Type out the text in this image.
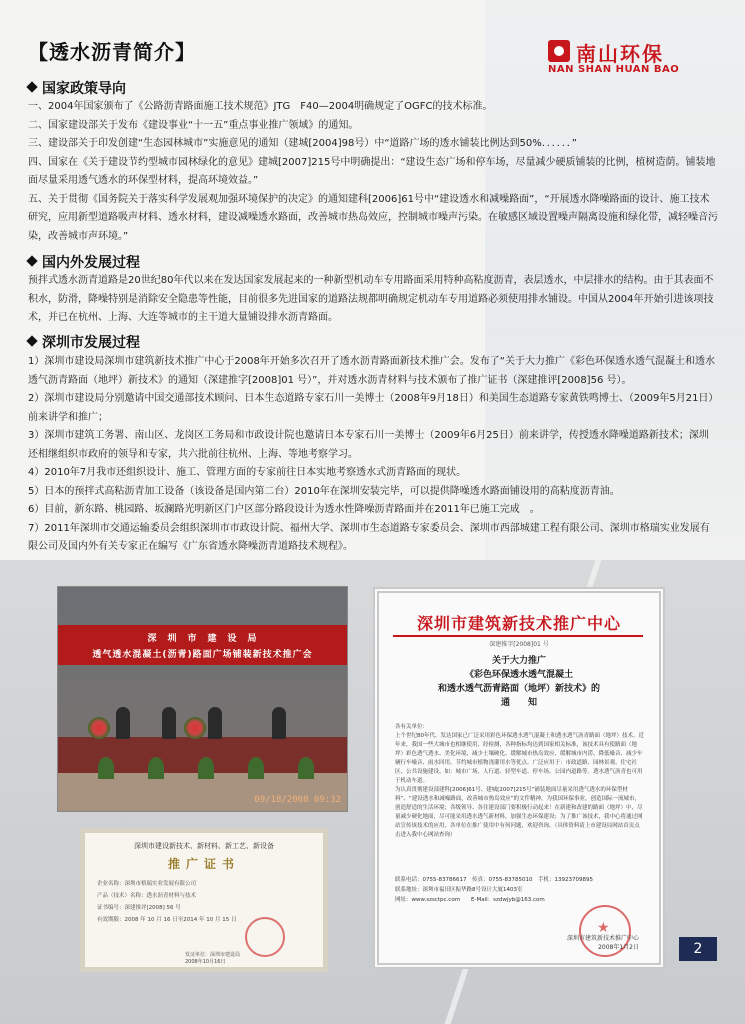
【透水沥青简介】	南山环保
NAN SHAN HUAN BAO
国家政策导向

一、2004年国家颁布了《公路沥青路面施工技术规范》JTG　F40—2004明确规定了OGFC的技术标准。

二、国家建设部关于发布《建设事业“十一五”重点事业推广领域》的通知。

三、建设部关于印发创建“生态园林城市”实施意见的通知（建城[2004]98号）中“道路广场的透水铺装比例达到50%．．．．．．”

四、国家在《关于建设节约型城市园林绿化的意见》建城[2007]215号中明确提出：“建设生态广场和停车场，尽量减少硬质铺装的比例，植树造荫。铺装地面尽量采用透气透水的环保型材料，提高环境效益。”

五、关于贯彻《国务院关于落实科学发展观加强环境保护的决定》的通知建科[2006]61号中“建设透水和减噪路面”，“开展透水降噪路面的设计、施工技术研究，应用新型道路吸声材料、透水材料，建设减噪透水路面，改善城市热岛效应，控制城市噪声污染。在敏感区域设置噪声隔离设施和绿化带，减轻噪音污染，改善城市声环境。”

国内外发展过程

预拌式透水沥青道路是20世纪80年代以来在发达国家发展起来的一种新型机动车专用路面采用特种高粘度沥青，表层透水，中层排水的结构。由于其表面不积水，防滑，降噪特别是消除安全隐患等性能，目前很多先进国家的道路法规都明确规定机动车专用道路必须使用排水铺设。中国从2004年开始引进该项技术，并已在杭州、上海、大连等城市的主干道大量铺设排水沥青路面。

深圳市发展过程

1）深圳市建设局深圳市建筑新技术推广中心于2008年开始多次召开了透水沥青路面新技术推广会。发布了“关于大力推广《彩色环保透水透气混凝土和透水透气沥青路面（地坪）新技术》的通知（深建推字[2008]01 号）”，并对透水沥青材料与技术颁布了推广证书（深建推评[2008]56 号）。

2）深圳市建设局分别邀请中国交通部技术顾问、日本生态道路专家石川一美博士（2008年9月18日）和美国生态道路专家黄铁鸣博士、（2009年5月21日）前来讲学和推广；

3）深圳市建筑工务署、南山区、龙岗区工务局和市政设计院也邀请日本专家石川一美博士（2009年6月25日）前来讲学，传授透水降噪道路新技术；深圳还相继组织市政府的领导和专家，共六批前往杭州、上海、等地考察学习。

4）2010年7月我市还组织设计、施工、管理方面的专家前往日本实地考察透水式沥青路面的现状。

5）日本的预拌式高粘沥青加工设备（该设备是国内第二台）2010年在深圳安装完毕，可以提供降噪透水路面铺设用的高粘度沥青油。

6）目前，新东路、桃园路、坂澜路光明新区门户区部分路段设计为透水性降噪沥青路面并在2011年已施工完成　。

7）2011年深圳市交通运输委员会组织深圳市市政设计院、福州大学、深圳市生态道路专家委员会、深圳市西部城建工程有限公司、深圳市格瑞实业发展有限公司及国内外有关专家正在编写《广东省透水降噪沥青道路技术规程》。

深　圳　市　建　设　局
透气透水混凝土(沥青)路面广场铺装新技术推广会
09/18/2008 09:32
深圳市建筑新技术推广中心
深建推字[2008]01 号
关于大力推广
《彩色环保透水透气混凝土
和透水透气沥青路面（地坪）新技术》的
通　　知
各有关单位：
上个世纪80年代，发达国家已广泛采用彩色环保透水透气混凝土和透水透气沥青路面（地坪）技术。近年来，我国一些大城市也相继使用，经检测，各种指标均达到国家相关标准，该技术具有使路面（地坪）彩色透气透水、美化环境、减少土壤硬化、缓解城市热岛效应、缓解城市内涝、降低噪音、减少车辆行车噪音、雨水回用、节约城市植物浇灌用水等优点。广泛应用于：市政道路、园林景观、住宅社区、公共设施建设、如：城市广场、人行道、轻型车道、停车场、公园内道路等。透水透气沥青也可用于机动车道。
为认真贯彻建设部建科[2006]61号、建城[2007]215号“铺装地面尽量采用透气透水的环保型材料”、“建设透水和减噪路面，改善城市热岛效应”的文件精神，为我国环保事业，创造国际一流城市，创造舒适的生活环境；各级领导、各住建设部门要积极行动起来！在新建和改建的路面（地坪）中，尽量减少硬化地面，尽可能采用透水透气新材料，加强生态环保建设；为了推广该技术，我中心将通过网站宣传该技术的应用，各单位在推广使用中有何问题，欢迎咨询。（具体资料请上市建设局网站首页点击进入我中心网站查询）
联系电话：0755-83786617　传真：0755-83785010　手机：13923709895
联系地址：深圳市福田区振华路8号设计大厦1403室
网址：www.szsctpc.com　　E-Mail：szdwjyb@163.com
★
深圳市建筑新技术推广中心
2008年1月2日
深圳市建设新技术、新材料、新工艺、新设备
推广证书
企业名称：深圳市格瑞实业发展有限公司
产品（技术）名称：透水沥青材料与技术
证书编号：深建推评[2008] 56 号
有效期限：2008 年 10 月 16 日至2014 年 10 月 15 日
发证单位：深圳市建设局
2008年10月16日
2
